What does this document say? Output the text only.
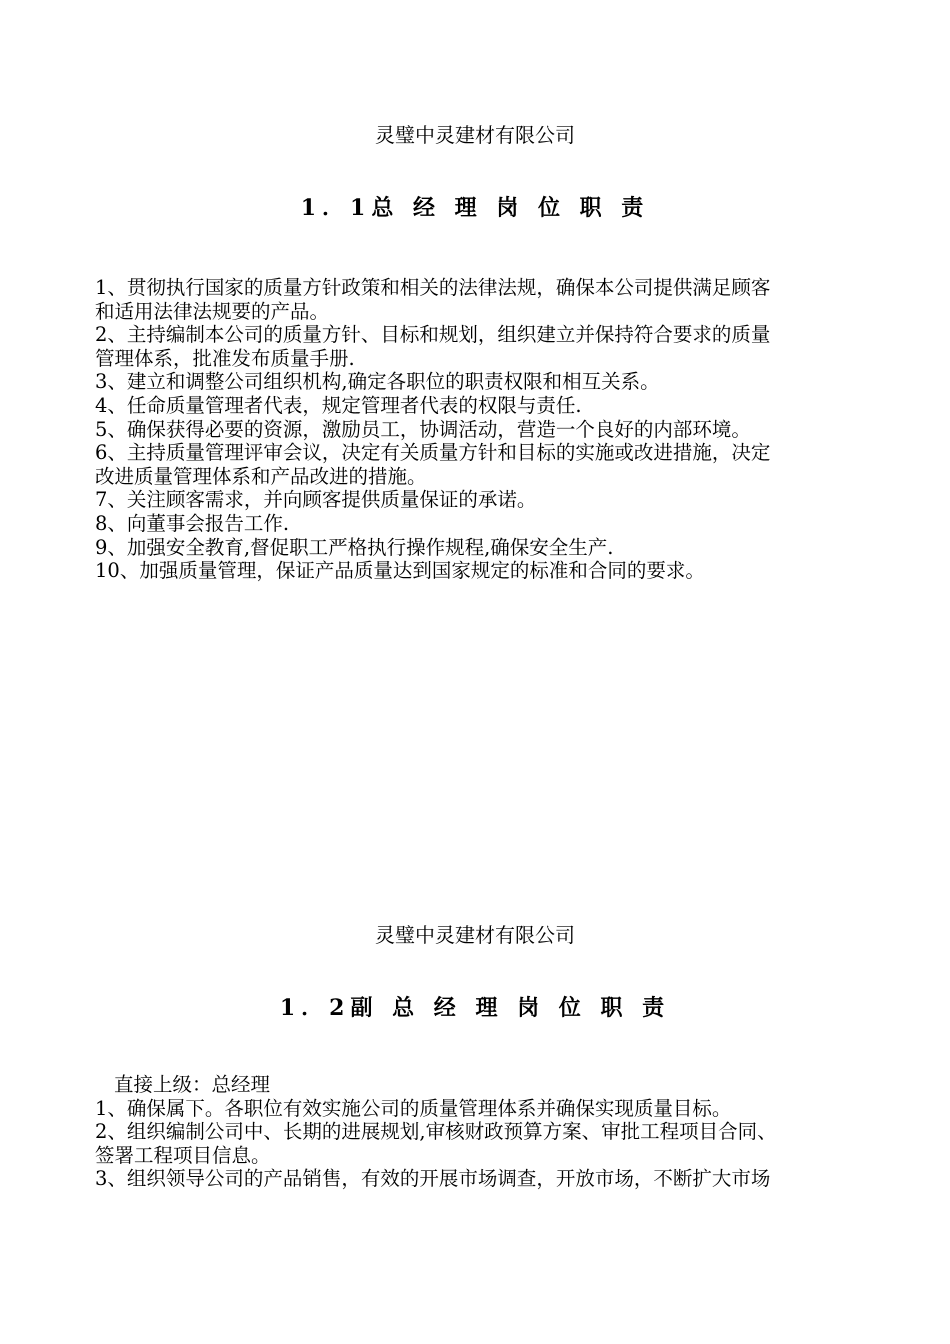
灵璧中灵建材有限公司

1．1总 经 理 岗 位 职 责
1、贯彻执行国家的质量方针政策和相关的法律法规，确保本公司提供满足顾客
和适用法律法规要的产品。
2、主持编制本公司的质量方针、目标和规划，组织建立并保持符合要求的质量
管理体系，批准发布质量手册.
3、建立和调整公司组织机构,确定各职位的职责权限和相互关系。
4、任命质量管理者代表，规定管理者代表的权限与责任.
5、确保获得必要的资源，激励员工，协调活动，营造一个良好的内部环境。
6、主持质量管理评审会议，决定有关质量方针和目标的实施或改进措施，决定
改进质量管理体系和产品改进的措施。
7、关注顾客需求，并向顾客提供质量保证的承诺。
8、向董事会报告工作.
9、加强安全教育,督促职工严格执行操作规程,确保安全生产.
10、加强质量管理，保证产品质量达到国家规定的标准和合同的要求。

灵璧中灵建材有限公司

1．2副 总 经 理 岗 位 职 责
直接上级：总经理
1、确保属下。各职位有效实施公司的质量管理体系并确保实现质量目标。
2、组织编制公司中、长期的进展规划,审核财政预算方案、审批工程项目合同、
签署工程项目信息。
3、组织领导公司的产品销售，有效的开展市场调查，开放市场，不断扩大市场
